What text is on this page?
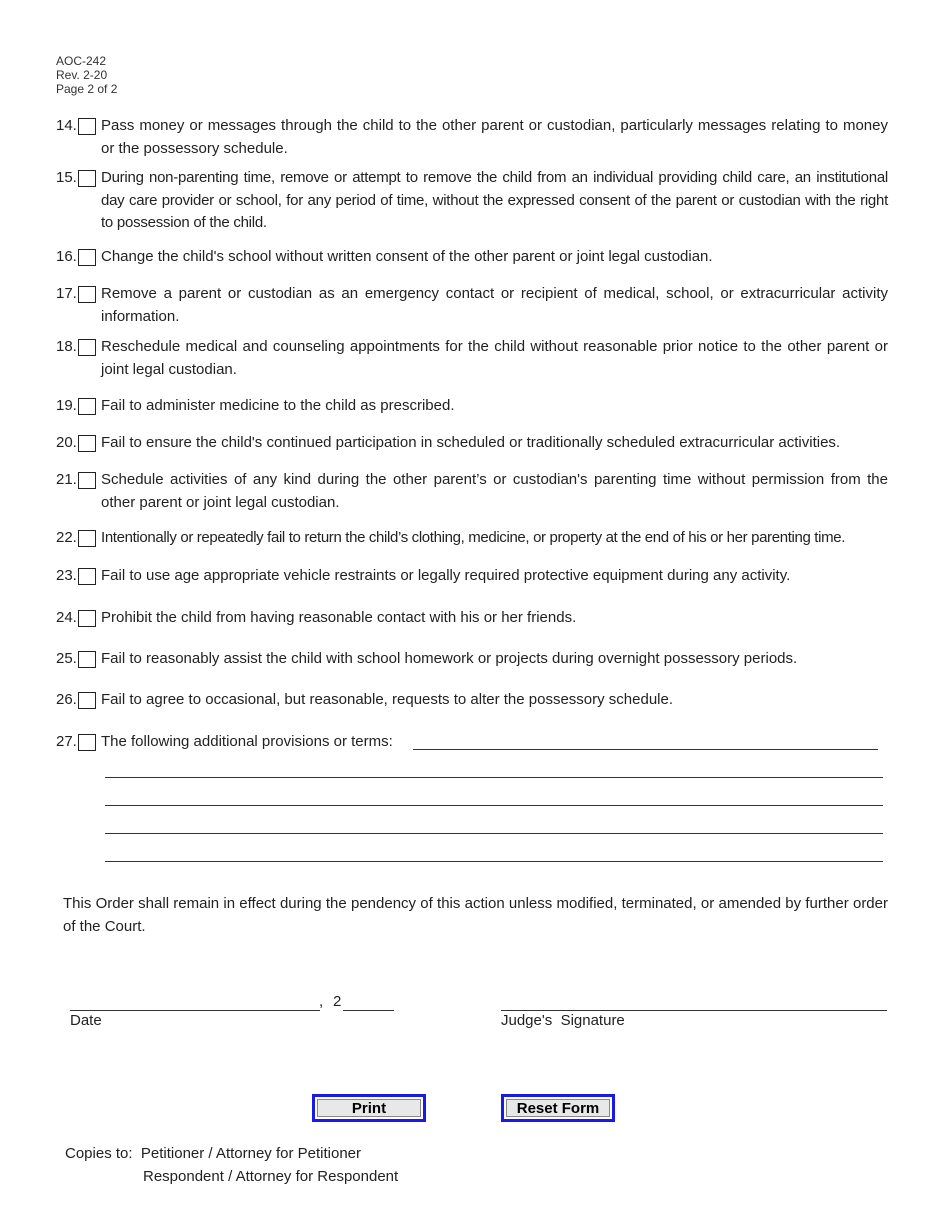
AOC-242
Rev. 2-20
Page 2 of 2
14.	Pass money or messages through the child to the other parent or custodian, particularly messages relating to money or the possessory schedule.
15.	During non-parenting time, remove or attempt to remove the child from an individual providing child care, an institutional day care provider or school, for any period of time, without the expressed consent of the parent or custodian with the right to possession of the child.
16.	Change the child's school without written consent of the other parent or joint legal custodian.
17.	Remove a parent or custodian as an emergency contact or recipient of medical, school, or extracurricular activity information.
18.	Reschedule medical and counseling appointments for the child without reasonable prior notice to the other parent or joint legal custodian.
19.	Fail to administer medicine to the child as prescribed.
20.	Fail to ensure the child's continued participation in scheduled or traditionally scheduled extracurricular activities.
21.	Schedule activities of any kind during the other parent’s or custodian's parenting time without permission from the other parent or joint legal custodian.
22.	Intentionally or repeatedly fail to return the child’s clothing, medicine, or property at the end of his or her parenting time.
23.	Fail to use age appropriate vehicle restraints or legally required protective equipment during any activity.
24.	Prohibit the child from having reasonable contact with his or her friends.
25.	Fail to reasonably assist the child with school homework or projects during overnight possessory periods.
26.	Fail to agree to occasional, but reasonable, requests to alter the possessory schedule.
27.	The following additional provisions or terms:
This Order shall remain in effect during the pendency of this action unless modified, terminated, or amended by further order of the Court.
, 2
Date	Judge's  Signature
Print	Reset Form
Copies to: Petitioner / Attorney for Petitioner
Respondent / Attorney for Respondent
